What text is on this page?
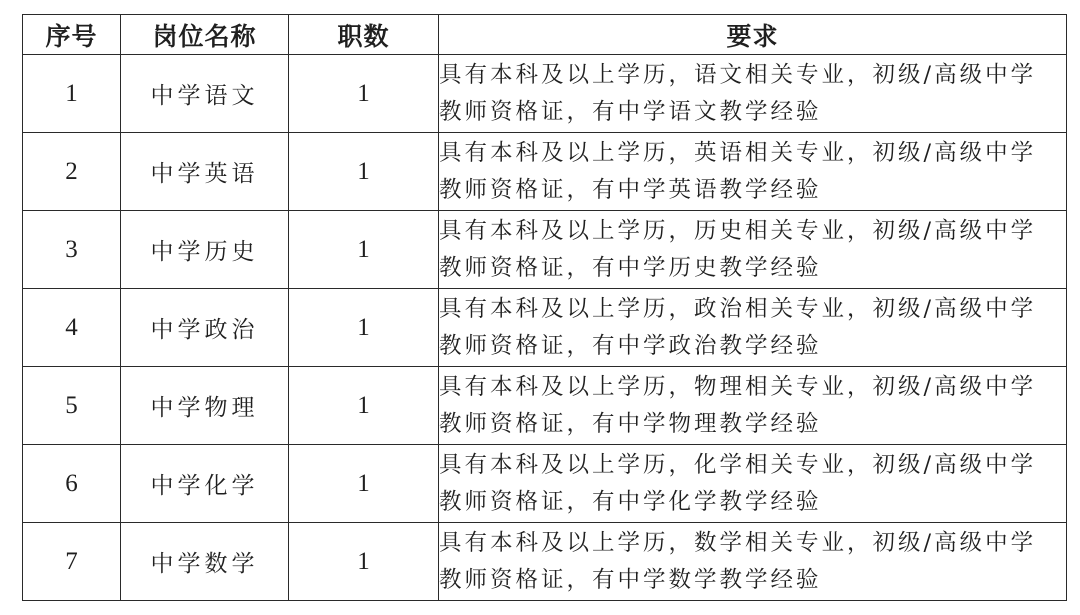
序号	岗位名称	职数	要求
1	中学语文	1	具有本科及以上学历，语文相关专业，初级/高级中学
教师资格证，有中学语文教学经验

2	中学英语	1	具有本科及以上学历，英语相关专业，初级/高级中学
教师资格证，有中学英语教学经验

3	中学历史	1	具有本科及以上学历，历史相关专业，初级/高级中学
教师资格证，有中学历史教学经验

4	中学政治	1	具有本科及以上学历，政治相关专业，初级/高级中学
教师资格证，有中学政治教学经验

5	中学物理	1	具有本科及以上学历，物理相关专业，初级/高级中学
教师资格证，有中学物理教学经验

6	中学化学	1	具有本科及以上学历，化学相关专业，初级/高级中学
教师资格证，有中学化学教学经验

7	中学数学	1	具有本科及以上学历，数学相关专业，初级/高级中学
教师资格证，有中学数学教学经验
